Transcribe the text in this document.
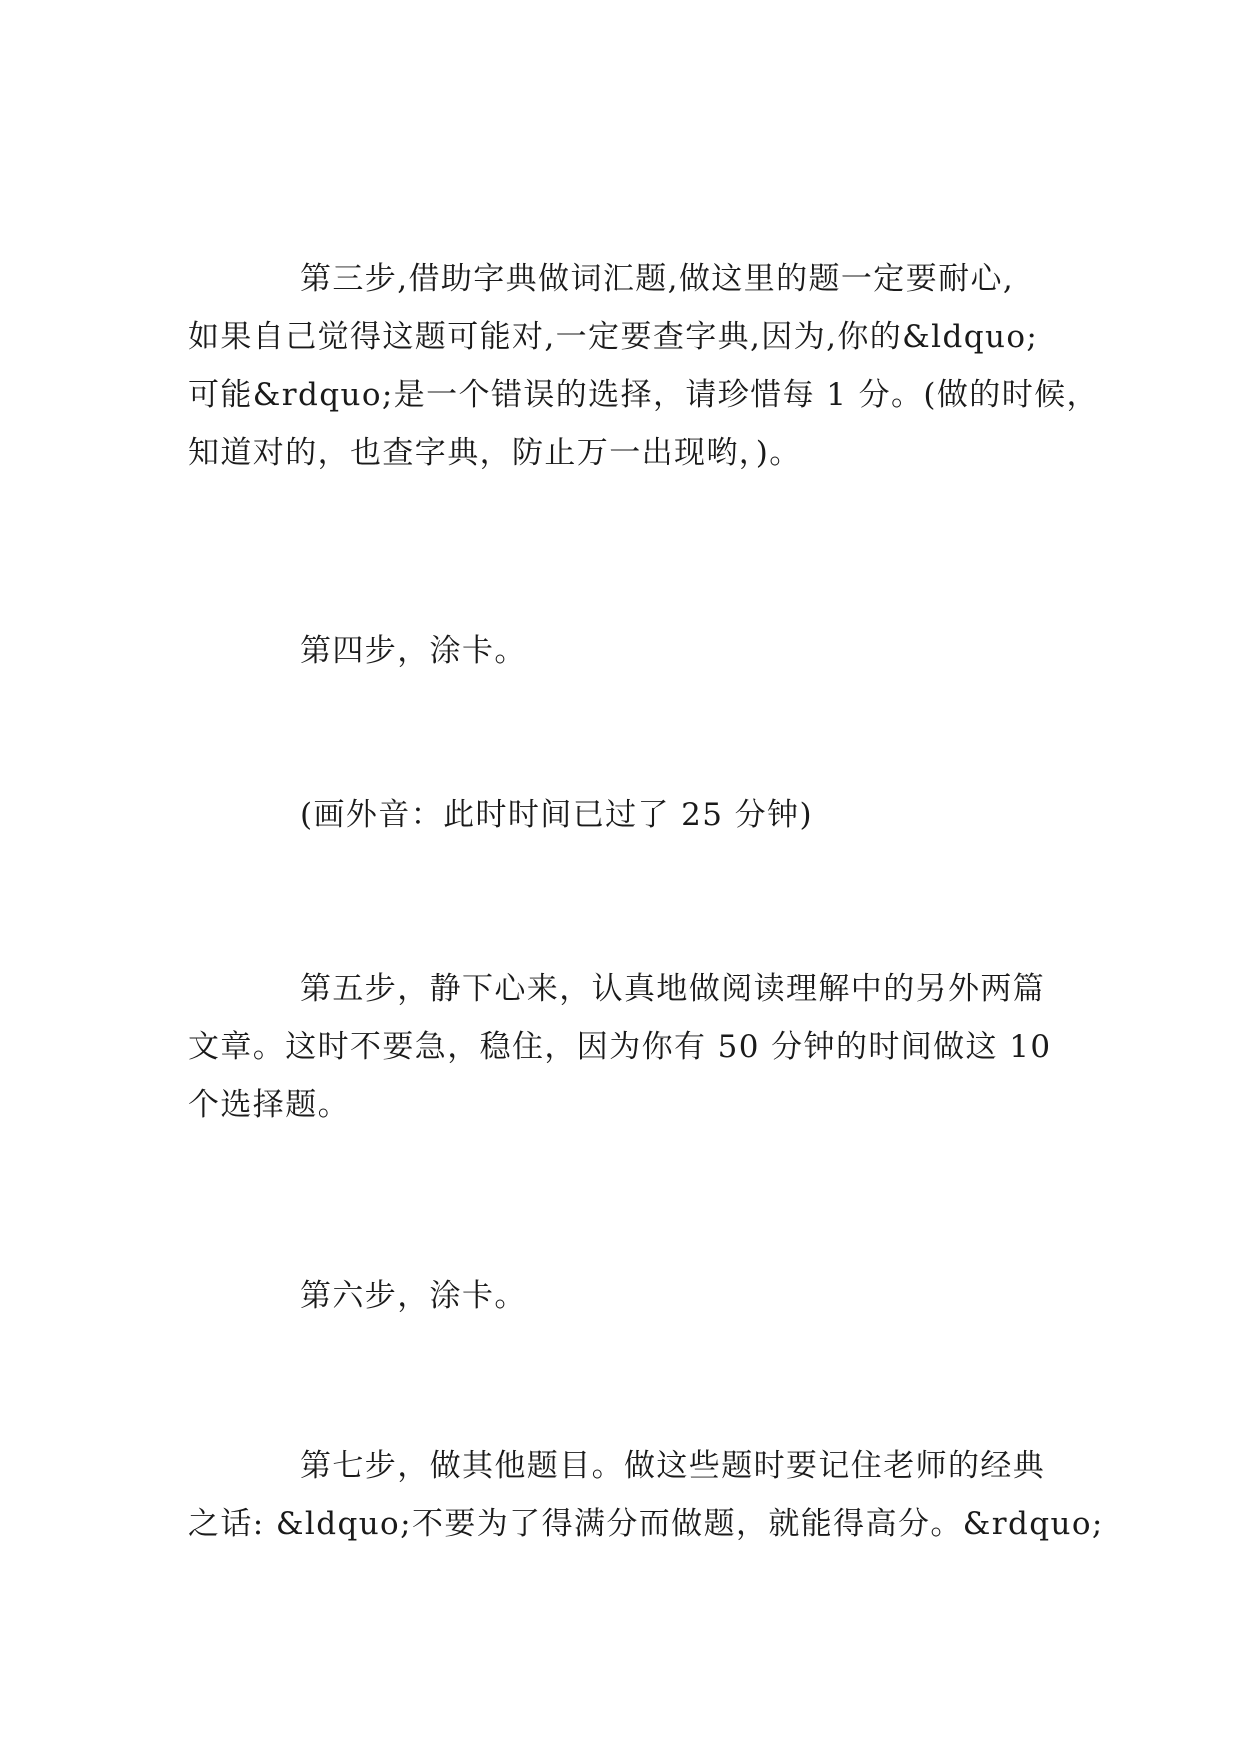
第三步,借助字典做词汇题,做这里的题一定要耐心,
如果自己觉得这题可能对,一定要查字典,因为,你的&ldquo;
可能&rdquo;是一个错误的选择，请珍惜每 1 分。(做的时候，
知道对的，也查字典，防止万一出现哟，)。
第四步，涂卡。
(画外音：此时时间已过了 25 分钟)
第五步，静下心来，认真地做阅读理解中的另外两篇
文章。这时不要急，稳住，因为你有 50 分钟的时间做这 10
个选择题。
第六步，涂卡。
第七步，做其他题目。做这些题时要记住老师的经典
之话: &ldquo;不要为了得满分而做题，就能得高分。&rdquo;
